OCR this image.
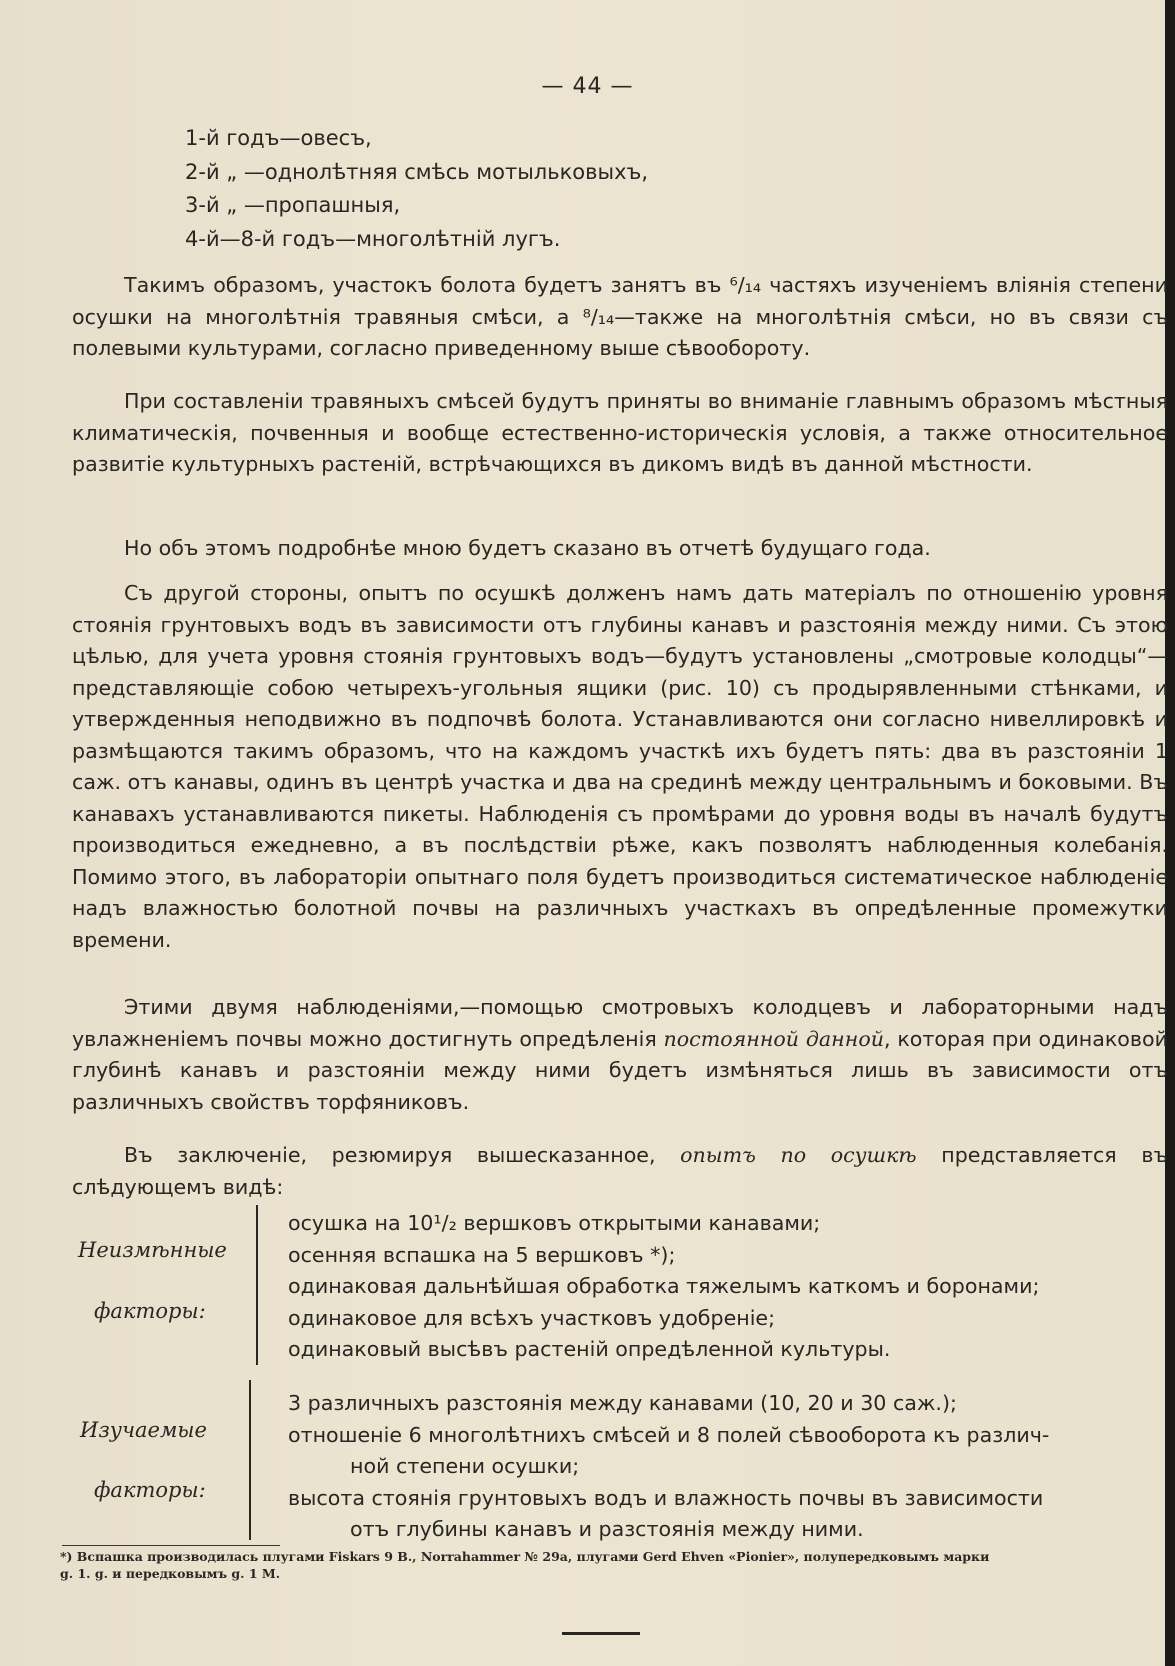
— 44 —
1-й годъ—овесъ,
2-й „ —однолѣтняя смѣсь мотыльковыхъ,
3-й „ —пропашныя,
4-й—8-й годъ—многолѣтній лугъ.
Такимъ образомъ, участокъ болота будетъ занятъ въ ⁶/₁₄ частяхъ изученіемъ вліянія степени осушки на многолѣтнія травяныя смѣси, а ⁸/₁₄—также на многолѣтнія смѣси, но въ связи съ полевыми культурами, согласно приведенному выше сѣвообороту.
При составленіи травяныхъ смѣсей будутъ приняты во вниманіе главнымъ образомъ мѣстныя климатическія, почвенныя и вообще естественно-историческія условія, а также относительное развитіе культурныхъ растеній, встрѣчающихся въ дикомъ видѣ въ данной мѣстности.
Но объ этомъ подробнѣе мною будетъ сказано въ отчетѣ будущаго года.
Съ другой стороны, опытъ по осушкѣ долженъ намъ дать матеріалъ по отношенію уровня стоянія грунтовыхъ водъ въ зависимости отъ глубины канавъ и разстоянія между ними. Съ этою цѣлью, для учета уровня стоянія грунтовыхъ водъ—будутъ установлены „смотровые колодцы“—представляющіе собою четырехъ-угольныя ящики (рис. 10) съ продырявленными стѣнками, и утвержденныя неподвижно въ подпочвѣ болота. Устанавливаются они согласно нивеллировкѣ и размѣщаются такимъ образомъ, что на каждомъ участкѣ ихъ будетъ пять: два въ разстояніи 1 саж. отъ канавы, одинъ въ центрѣ участка и два на срединѣ между центральнымъ и боковыми. Въ канавахъ устанавливаются пикеты. Наблюденія съ промѣрами до уровня воды въ началѣ будутъ производиться ежедневно, а въ послѣдствіи рѣже, какъ позволятъ наблюденныя колебанія. Помимо этого, въ лабораторіи опытнаго поля будетъ производиться систематическое наблюденіе надъ влажностью болотной почвы на различныхъ участкахъ въ опредѣленные промежутки времени.
Этими двумя наблюденіями,—помощью смотровыхъ колодцевъ и лабораторными надъ увлажненіемъ почвы можно достигнуть опредѣленія постоянной данной, которая при одинаковой глубинѣ канавъ и разстояніи между ними будетъ измѣняться лишь въ зависимости отъ различныхъ свойствъ торфяниковъ.
Въ заключеніе, резюмируя вышесказанное, опытъ по осушкѣ представляется въ слѣдующемъ видѣ:
Неизмѣнные
факторы:
осушка на 10¹/₂ вершковъ открытыми канавами;
осенняя вспашка на 5 вершковъ *);
одинаковая дальнѣйшая обработка тяжелымъ каткомъ и боронами;
одинаковое для всѣхъ участковъ удобреніе;
одинаковый высѣвъ растеній опредѣленной культуры.
Изучаемые
факторы:
3 различныхъ разстоянія между канавами (10, 20 и 30 саж.);
отношеніе 6 многолѣтнихъ смѣсей и 8 полей сѣвооборота къ различ-
ной степени осушки;
высота стоянія грунтовыхъ водъ и влажность почвы въ зависимости
отъ глубины канавъ и разстоянія между ними.
*) Вспашка производилась плугами Fiskars 9 B., Norrahammer № 29a, плугами Gerd Ehven «Pionier», полупередковымъ марки
g. 1. g. и передковымъ g. 1 M.
